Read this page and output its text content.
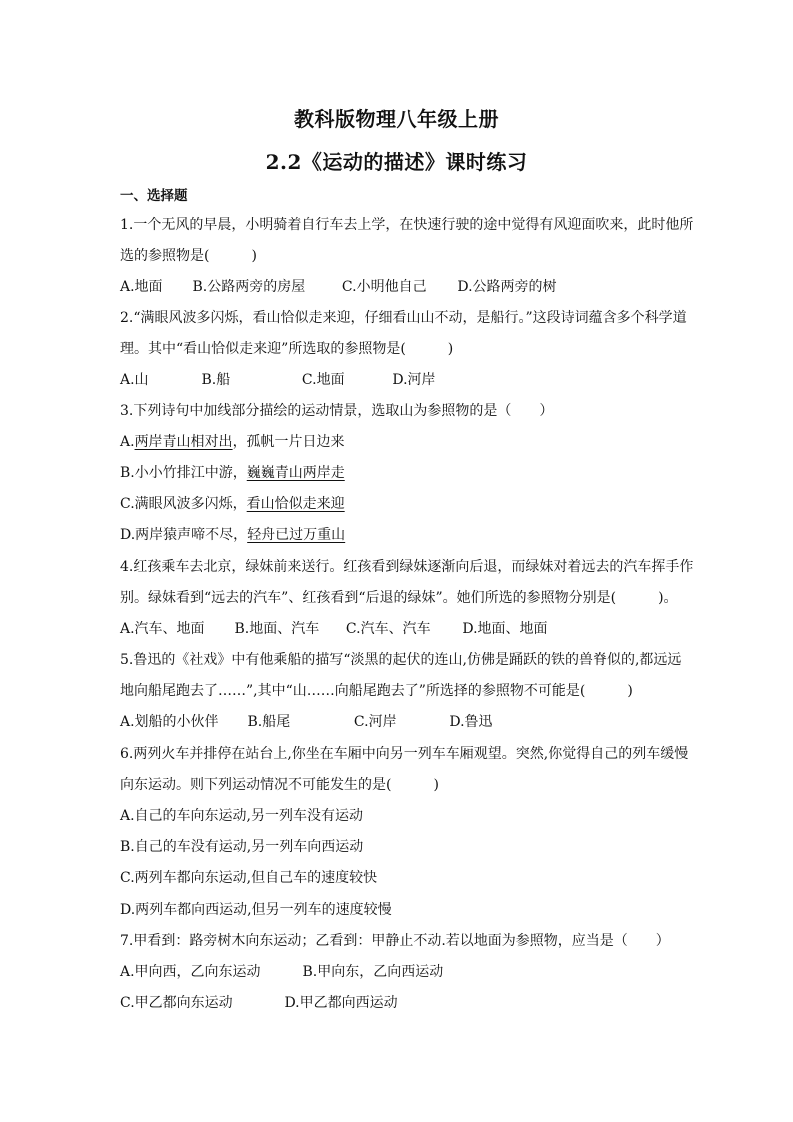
教科版物理八年级上册
2.2《运动的描述》课时练习
一、选择题
1.一个无风的早晨，小明骑着自行车去上学，在快速行驶的途中觉得有风迎面吹来，此时他所
选的参照物是(　　　)
A.地面 B.公路两旁的房屋	C.小明他自己 D.公路两旁的树
2.“满眼风波多闪烁，看山恰似走来迎，仔细看山山不动，是船行。”这段诗词蕴含多个科学道
理。其中“看山恰似走来迎”所选取的参照物是(　　　)
A.山	B.船	C.地面	D.河岸
3.下列诗句中加线部分描绘的运动情景，选取山为参照物的是（　　）
A.两岸青山相对出，孤帆一片日边来
B.小小竹排江中游，巍巍青山两岸走
C.满眼风波多闪烁，看山恰似走来迎
D.两岸猿声啼不尽，轻舟已过万重山
4.红孩乘车去北京，绿妹前来送行。红孩看到绿妹逐渐向后退，而绿妹对着远去的汽车挥手作
别。绿妹看到“远去的汽车”、红孩看到“后退的绿妹”。她们所选的参照物分别是(　　　)。
A.汽车、地面 B.地面、汽车 C.汽车、汽车 D.地面、地面
5.鲁迅的《社戏》中有他乘船的描写“淡黑的起伏的连山,仿佛是踊跃的铁的兽脊似的,都远远
地向船尾跑去了……”,其中“山……向船尾跑去了”所选择的参照物不可能是(　　　)
A.划船的小伙伴 B.船尾	C.河岸	D.鲁迅
6.两列火车并排停在站台上,你坐在车厢中向另一列车车厢观望。突然,你觉得自己的列车缓慢
向东运动。则下列运动情况不可能发生的是(　　　)
A.自己的车向东运动,另一列车没有运动
B.自己的车没有运动,另一列车向西运动
C.两列车都向东运动,但自己车的速度较快
D.两列车都向西运动,但另一列车的速度较慢
7.甲看到：路旁树木向东运动；乙看到：甲静止不动.若以地面为参照物，应当是（　　）
A.甲向西，乙向东运动	B.甲向东，乙向西运动
C.甲乙都向东运动	D.甲乙都向西运动
